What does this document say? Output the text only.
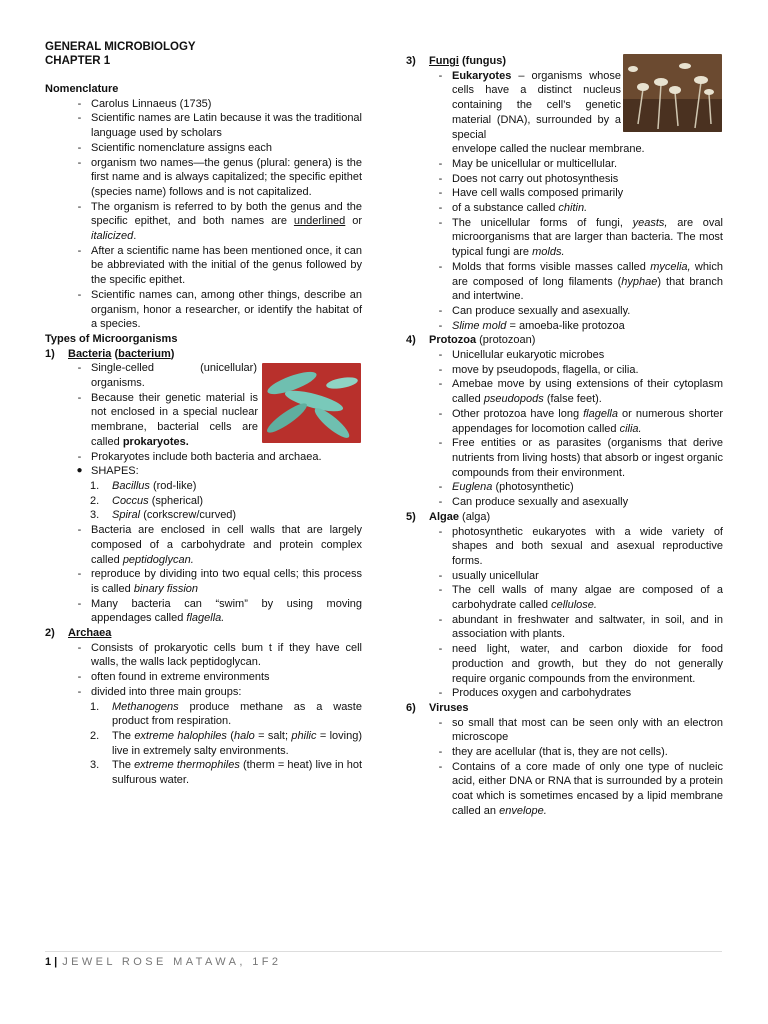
GENERAL MICROBIOLOGY
CHAPTER 1
Nomenclature
- Carolus Linnaeus (1735)
- Scientific names are Latin because it was the traditional language used by scholars
- Scientific nomenclature assigns each
- organism two names—the genus (plural: genera) is the first name and is always capitalized; the specific epithet (species name) follows and is not capitalized.
- The organism is referred to by both the genus and the specific epithet, and both names are underlined or italicized.
- After a scientific name has been mentioned once, it can be abbreviated with the initial of the genus followed by the specific epithet.
- Scientific names can, among other things, describe an organism, honor a researcher, or identify the habitat of a species.
Types of Microorganisms
1)	Bacteria (bacterium)
- Single-celled (unicellular) organisms.
- Because their genetic material is not enclosed in a special nuclear membrane, bacterial cells are called prokaryotes.
- Prokaryotes include both bacteria and archaea.
● SHAPES:
1.	Bacillus (rod-like)
2.	Coccus (spherical)
3.	Spiral (corkscrew/curved)
- Bacteria are enclosed in cell walls that are largely composed of a carbohydrate and protein complex called peptidoglycan.
- reproduce by dividing into two equal cells; this process is called binary fission
- Many bacteria can “swim” by using moving appendages called flagella.
2)	Archaea
- Consists of prokaryotic cells bum t if they have cell walls, the walls lack peptidoglycan.
- often found in extreme environments
- divided into three main groups:
1.	Methanogens produce methane as a waste product from respiration.
2.	The extreme halophiles (halo = salt; philic = loving) live in extremely salty environments.
3.	The extreme thermophiles (therm = heat) live in hot sulfurous water.
3)	Fungi (fungus)
- Eukaryotes – organisms whose cells have a distinct nucleus containing the cell’s genetic material (DNA), surrounded by a special
envelope called the nuclear membrane.
- May be unicellular or multicellular.
- Does not carry out photosynthesis
- Have cell walls composed primarily
- of a substance called chitin.
- The unicellular forms of fungi, yeasts, are oval microorganisms that are larger than bacteria. The most typical fungi are molds.
- Molds that forms visible masses called mycelia, which are composed of long filaments (hyphae) that branch and intertwine.
- Can produce sexually and asexually.
- Slime mold = amoeba-like protozoa
4)	Protozoa (protozoan)
- Unicellular eukaryotic microbes
- move by pseudopods, flagella, or cilia.
- Amebae move by using extensions of their cytoplasm called pseudopods (false feet).
- Other protozoa have long flagella or numerous shorter appendages for locomotion called cilia.
- Free entities or as parasites (organisms that derive nutrients from living hosts) that absorb or ingest organic compounds from their environment.
- Euglena (photosynthetic)
- Can produce sexually and asexually
5)	Algae (alga)
- photosynthetic eukaryotes with a wide variety of shapes and both sexual and asexual reproductive forms.
- usually unicellular
- The cell walls of many algae are composed of a carbohydrate called cellulose.
- abundant in freshwater and saltwater, in soil, and in association with plants.
- need light, water, and carbon dioxide for food production and growth, but they do not generally require organic compounds from the environment.
- Produces oxygen and carbohydrates
6)	Viruses
- so small that most can be seen only with an electron microscope
- they are acellular (that is, they are not cells).
- Contains of a core made of only one type of nucleic acid, either DNA or RNA that is surrounded by a protein coat which is sometimes encased by a lipid membrane called an envelope.
1 | JEWEL ROSE MATAWA, 1F2
